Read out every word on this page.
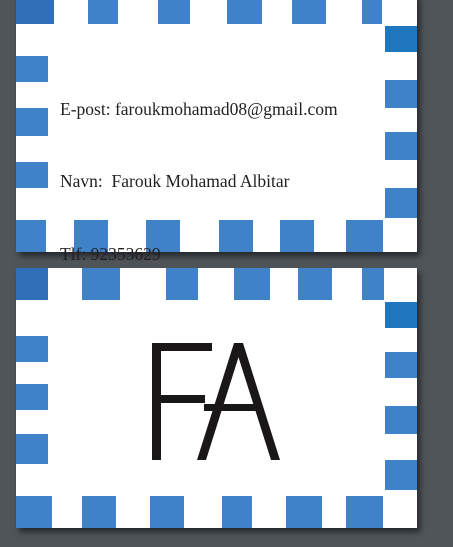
E-post: faroukmohamad08@gmail.com

Navn:  Farouk Mohamad Albitar

Tlf: 92353629
